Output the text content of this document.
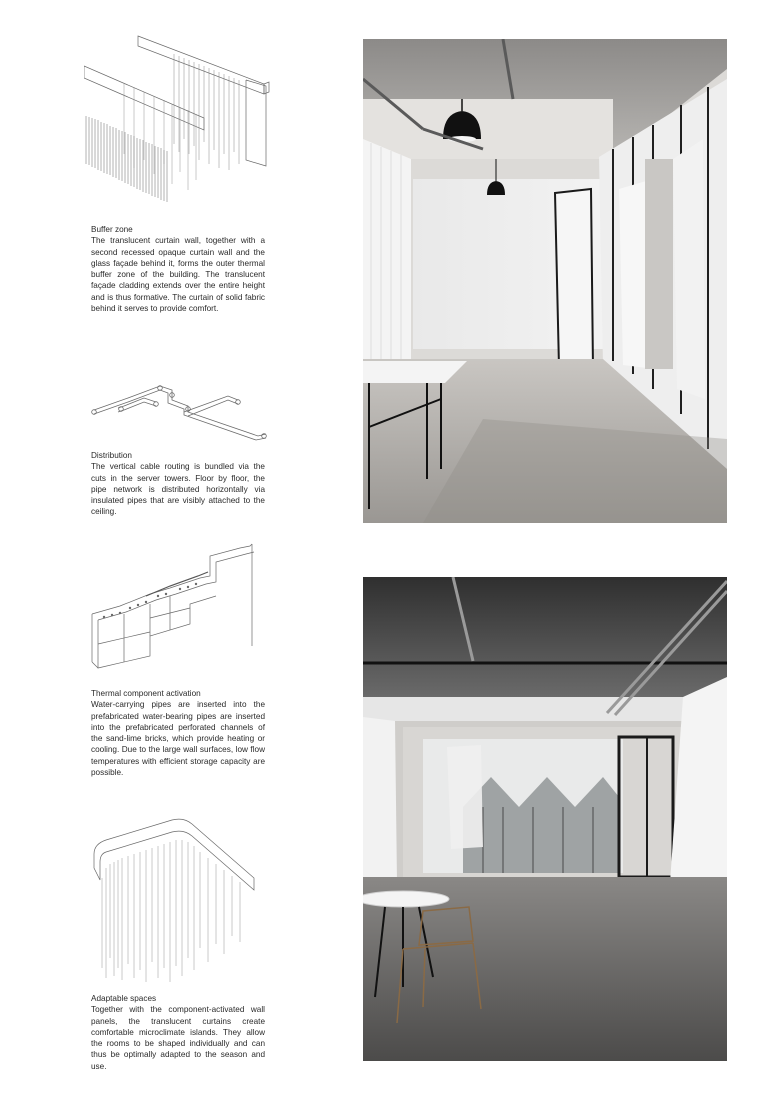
Buffer zone
The translucent curtain wall, together with a second recessed opaque curtain wall and the glass façade behind it, forms the outer thermal buffer zone of the building. The translucent façade cladding extends over the entire height and is thus formative. The curtain of solid fabric behind it serves to provide comfort.
Distribution
The vertical cable routing is bundled via the cuts in the server towers. Floor by floor, the pipe network is distributed horizontally via insulated pipes that are visibly attached to the ceiling.
Thermal component activation
Water-carrying pipes are inserted into the prefabricated water-bearing pipes are inserted into the prefabricated perforated channels of the sand-lime bricks, which provide heating or cooling. Due to the large wall surfaces, low flow temperatures with efficient storage capacity are possible.
Adaptable spaces
Together with the component-activated wall panels, the translucent curtains create comfortable microclimate islands. They allow the rooms to be shaped individually and can thus be optimally adapted to the season and use.
